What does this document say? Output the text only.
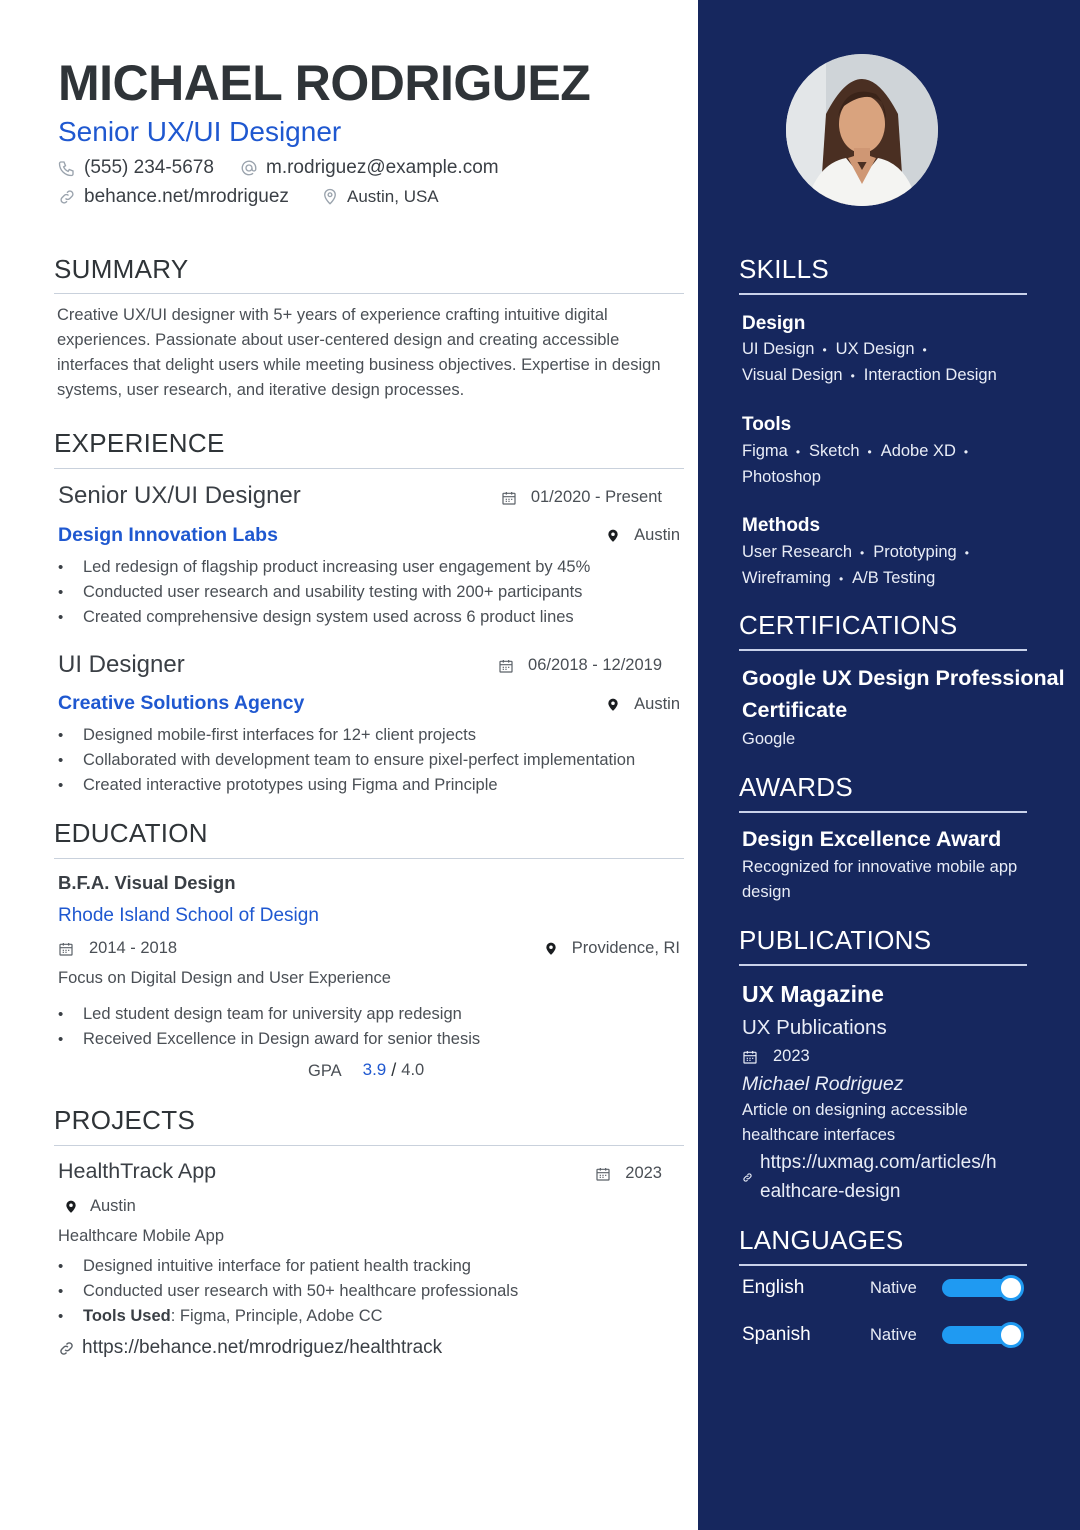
MICHAEL RODRIGUEZ
Senior UX/UI Designer
(555) 234-5678	m.rodriguez@example.com
behance.net/mrodriguez	Austin, USA
SUMMARY
Creative UX/UI designer with 5+ years of experience crafting intuitive digital experiences. Passionate about user-centered design and creating accessible interfaces that delight users while meeting business objectives. Expertise in design systems, user research, and iterative design processes.
EXPERIENCE
Senior UX/UI Designer	01/2020 - Present
Design Innovation Labs	Austin
• Led redesign of flagship product increasing user engagement by 45%
• Conducted user research and usability testing with 200+ participants
• Created comprehensive design system used across 6 product lines
UI Designer	06/2018 - 12/2019
Creative Solutions Agency	Austin
• Designed mobile-first interfaces for 12+ client projects
• Collaborated with development team to ensure pixel-perfect implementation
• Created interactive prototypes using Figma and Principle
EDUCATION
B.F.A. Visual Design
Rhode Island School of Design
2014 - 2018	Providence, RI
Focus on Digital Design and User Experience
• Led student design team for university app redesign
• Received Excellence in Design award for senior thesis
GPA 3.9 / 4.0
PROJECTS
HealthTrack App	2023
Austin
Healthcare Mobile App
• Designed intuitive interface for patient health tracking
• Conducted user research with 50+ healthcare professionals
• Tools Used: Figma, Principle, Adobe CC
https://behance.net/mrodriguez/healthtrack
SKILLS
Design
UI Design • UX Design •
Visual Design • Interaction Design
Tools
Figma • Sketch • Adobe XD •
Photoshop
Methods
User Research • Prototyping •
Wireframing • A/B Testing
CERTIFICATIONS
Google UX Design Professional
Certificate
Google
AWARDS
Design Excellence Award
Recognized for innovative mobile app
design
PUBLICATIONS
UX Magazine
UX Publications
2023
Michael Rodriguez
Article on designing accessible
healthcare interfaces
https://uxmag.com/articles/h
ealthcare-design
LANGUAGES
English	Native
Spanish	Native
